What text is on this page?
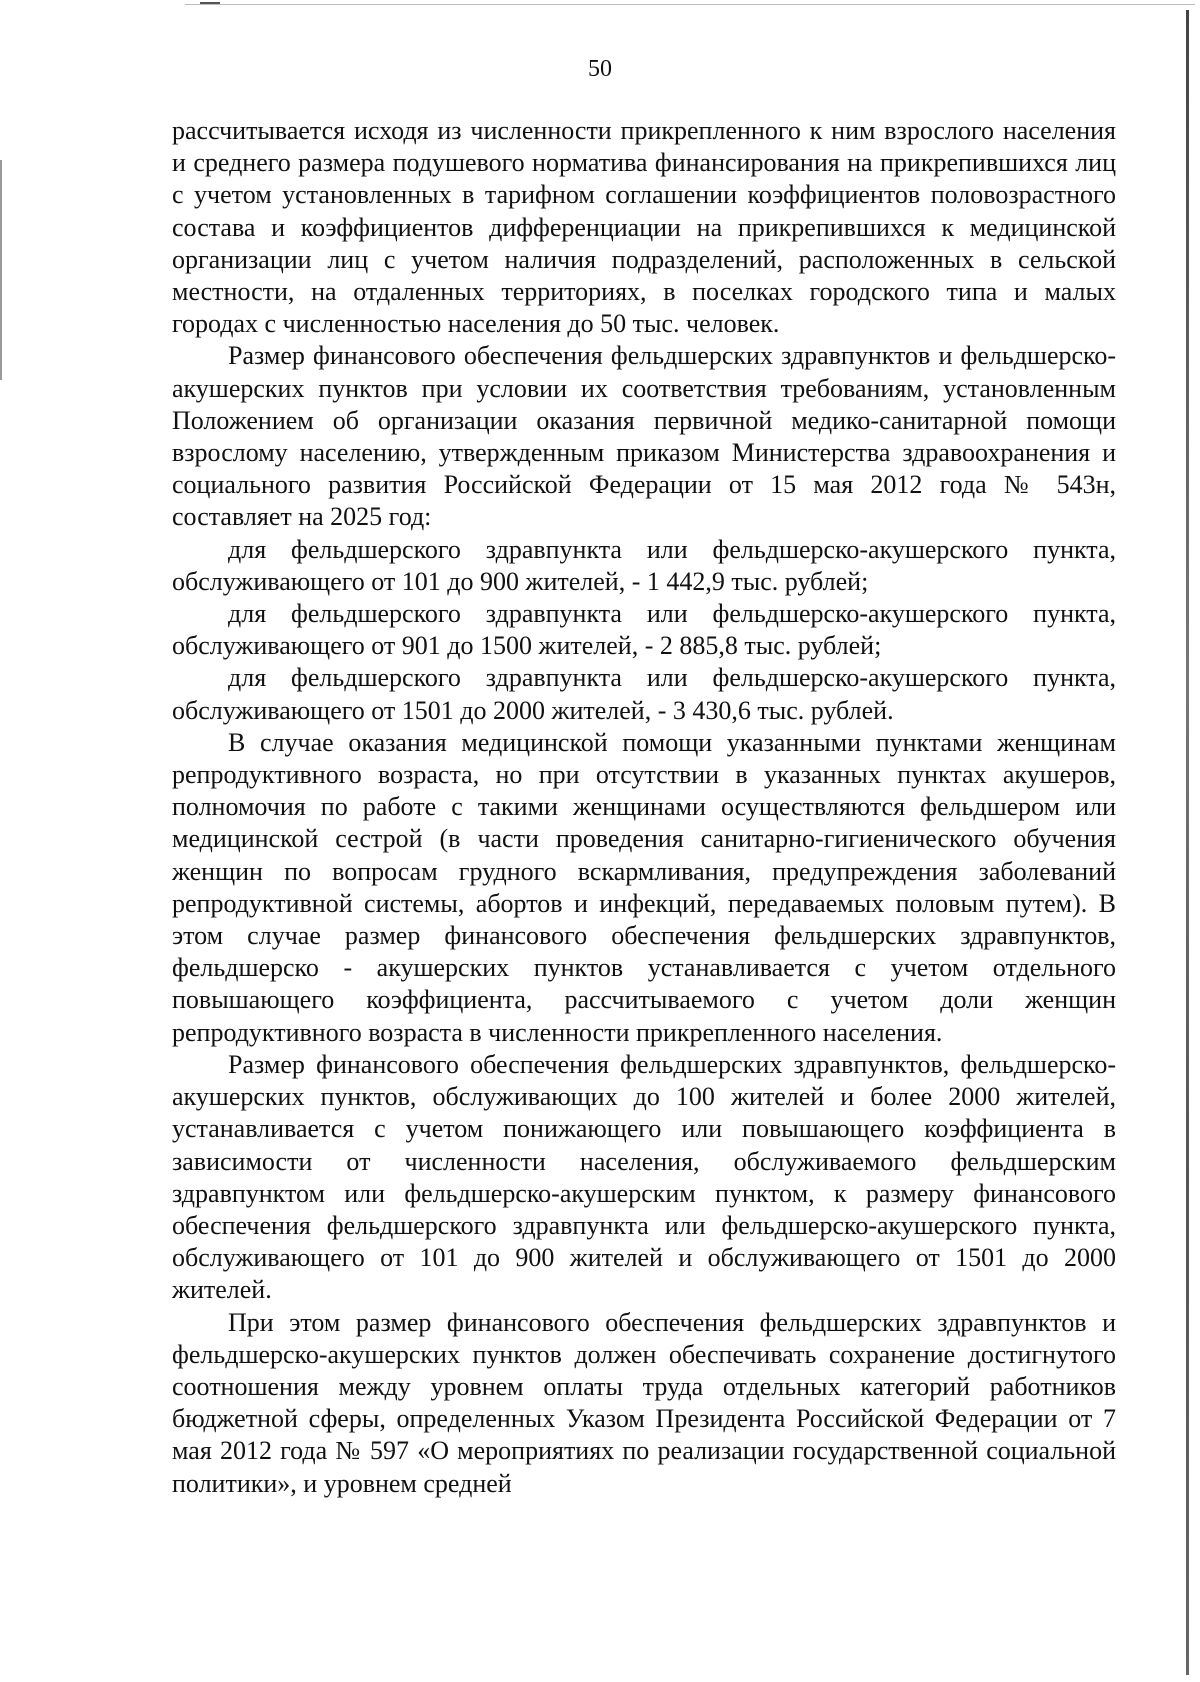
50

рассчитывается исходя из численности прикрепленного к ним взрослого населения и среднего размера подушевого норматива финансирования на прикрепившихся лиц с учетом установленных в тарифном соглашении коэффициентов половозрастного состава и коэффициентов дифференциации на прикрепившихся к медицинской организации лиц с учетом наличия подразделений, расположенных в сельской местности, на отдаленных территориях, в поселках городского типа и малых городах с численностью населения до 50 тыс. человек.

Размер финансового обеспечения фельдшерских здравпунктов и фельдшерско-акушерских пунктов при условии их соответствия требованиям, установленным Положением об организации оказания первичной медико-санитарной помощи взрослому населению, утвержденным приказом Министерства здравоохранения и социального развития Российской Федерации от 15 мая 2012 года № 543н, составляет на 2025 год:

для фельдшерского здравпункта или фельдшерско-акушерского пункта, обслуживающего от 101 до 900 жителей, - 1 442,9 тыс. рублей;

для фельдшерского здравпункта или фельдшерско-акушерского пункта, обслуживающего от 901 до 1500 жителей, - 2 885,8 тыс. рублей;

для фельдшерского здравпункта или фельдшерско-акушерского пункта, обслуживающего от 1501 до 2000 жителей, - 3 430,6 тыс. рублей.

В случае оказания медицинской помощи указанными пунктами женщинам репродуктивного возраста, но при отсутствии в указанных пунктах акушеров, полномочия по работе с такими женщинами осуществляются фельдшером или медицинской сестрой (в части проведения санитарно-гигиенического обучения женщин по вопросам грудного вскармливания, предупреждения заболеваний репродуктивной системы, абортов и инфекций, передаваемых половым путем). В этом случае размер финансового обеспечения фельдшерских здравпунктов, фельдшерско - акушерских пунктов устанавливается с учетом отдельного повышающего коэффициента, рассчитываемого с учетом доли женщин репродуктивного возраста в численности прикрепленного населения.

Размер финансового обеспечения фельдшерских здравпунктов, фельдшерско-акушерских пунктов, обслуживающих до 100 жителей и более 2000 жителей, устанавливается с учетом понижающего или повышающего коэффициента в зависимости от численности населения, обслуживаемого фельдшерским здравпунктом или фельдшерско-акушерским пунктом, к размеру финансового обеспечения фельдшерского здравпункта или фельдшерско-акушерского пункта, обслуживающего от 101 до 900 жителей и обслуживающего от 1501 до 2000 жителей.

При этом размер финансового обеспечения фельдшерских здравпунктов и фельдшерско-акушерских пунктов должен обеспечивать сохранение достигнутого соотношения между уровнем оплаты труда отдельных категорий работников бюджетной сферы, определенных Указом Президента Российской Федерации от 7 мая 2012 года № 597 «О мероприятиях по реализации государственной социальной политики», и уровнем средней
